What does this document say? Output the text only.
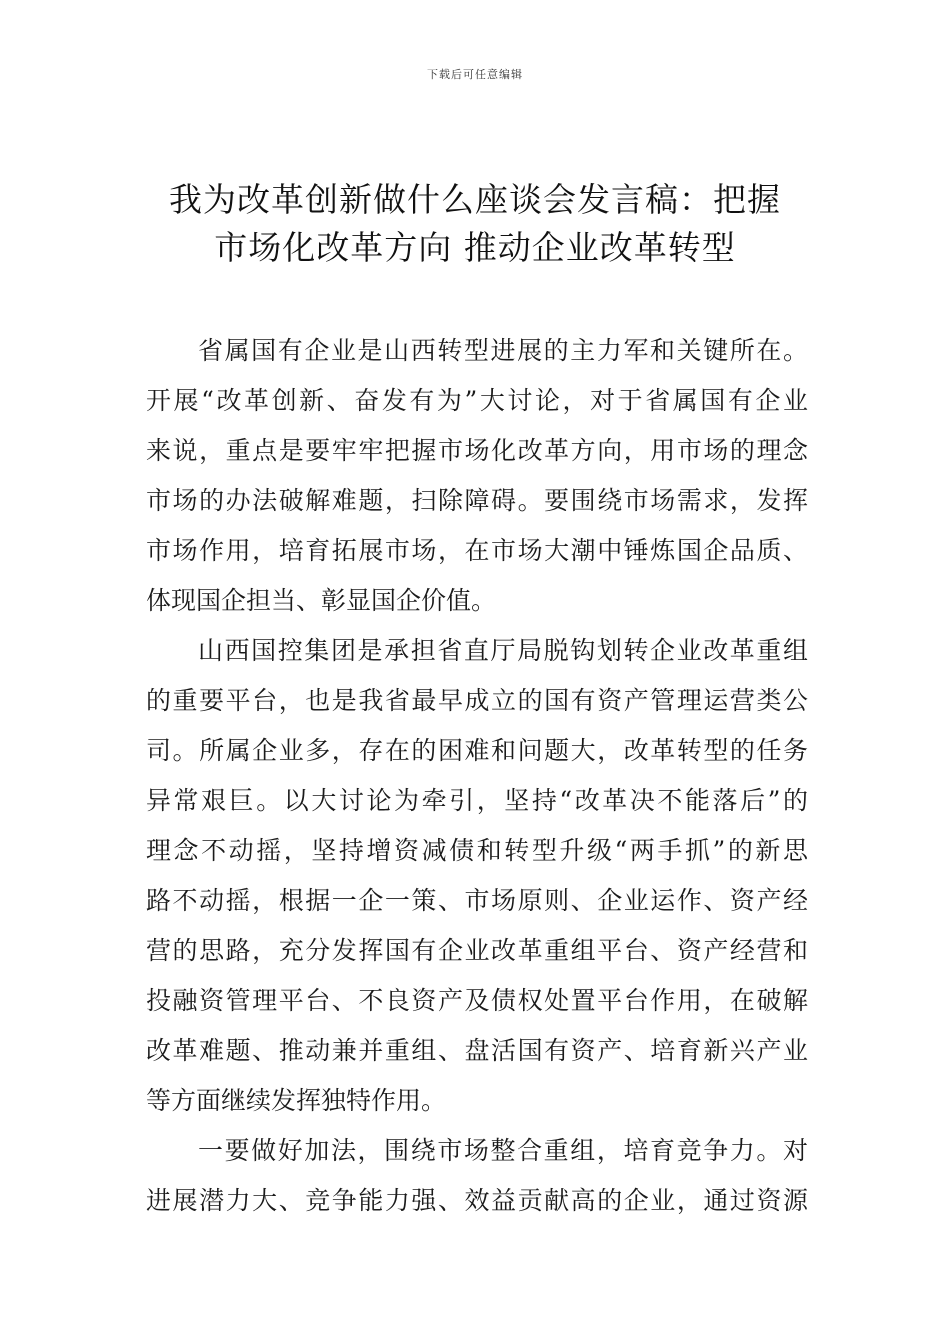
下载后可任意编辑
我为改革创新做什么座谈会发言稿：把握
市场化改革方向 推动企业改革转型

省属国有企业是山西转型进展的主力军和关键所在。
开展“改革创新、奋发有为”大讨论，对于省属国有企业
来说，重点是要牢牢把握市场化改革方向，用市场的理念
市场的办法破解难题，扫除障碍。要围绕市场需求，发挥
市场作用，培育拓展市场，在市场大潮中锤炼国企品质、
体现国企担当、彰显国企价值。

山西国控集团是承担省直厅局脱钩划转企业改革重组
的重要平台，也是我省最早成立的国有资产管理运营类公
司。所属企业多，存在的困难和问题大，改革转型的任务
异常艰巨。以大讨论为牵引，坚持“改革决不能落后”的
理念不动摇，坚持增资减债和转型升级“两手抓”的新思
路不动摇，根据一企一策、市场原则、企业运作、资产经
营的思路，充分发挥国有企业改革重组平台、资产经营和
投融资管理平台、不良资产及债权处置平台作用，在破解
改革难题、推动兼并重组、盘活国有资产、培育新兴产业
等方面继续发挥独特作用。

一要做好加法，围绕市场整合重组，培育竞争力。对
进展潜力大、竞争能力强、效益贡献高的企业，通过资源
